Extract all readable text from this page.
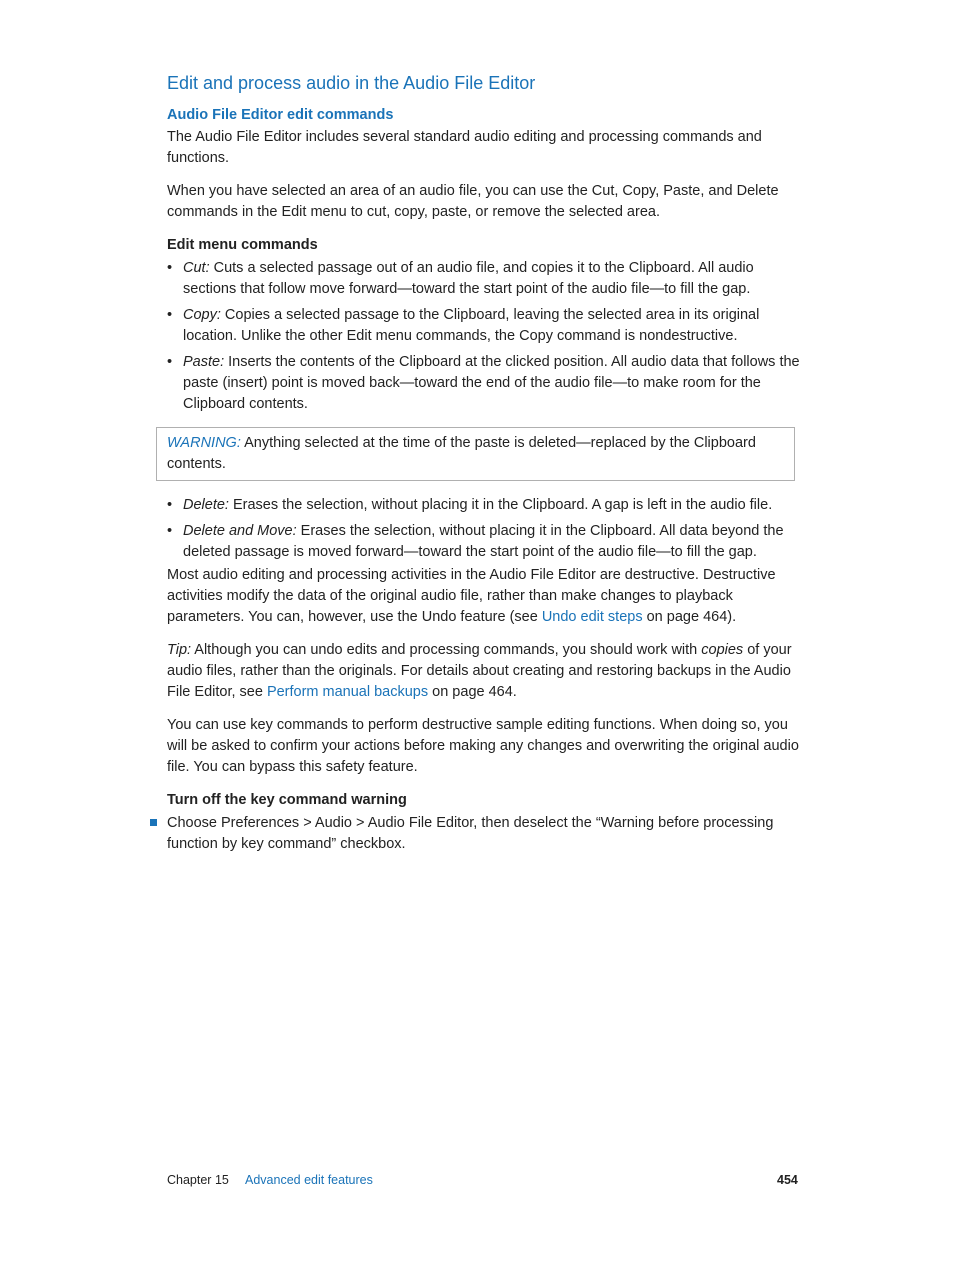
Edit and process audio in the Audio File Editor
Audio File Editor edit commands

The Audio File Editor includes several standard audio editing and processing commands and functions.

When you have selected an area of an audio file, you can use the Cut, Copy, Paste, and Delete commands in the Edit menu to cut, copy, paste, or remove the selected area.

Edit menu commands
• Cut: Cuts a selected passage out of an audio file, and copies it to the Clipboard. All audio sections that follow move forward—toward the start point of the audio file—to fill the gap.
• Copy: Copies a selected passage to the Clipboard, leaving the selected area in its original location. Unlike the other Edit menu commands, the Copy command is nondestructive.
• Paste: Inserts the contents of the Clipboard at the clicked position. All audio data that follows the paste (insert) point is moved back—toward the end of the audio file—to make room for the Clipboard contents.
WARNING: Anything selected at the time of the paste is deleted—replaced by the Clipboard contents.
• Delete: Erases the selection, without placing it in the Clipboard. A gap is left in the audio file.
• Delete and Move: Erases the selection, without placing it in the Clipboard. All data beyond the deleted passage is moved forward—toward the start point of the audio file—to fill the gap.
Most audio editing and processing activities in the Audio File Editor are destructive. Destructive activities modify the data of the original audio file, rather than make changes to playback parameters. You can, however, use the Undo feature (see Undo edit steps on page 464).
Tip: Although you can undo edits and processing commands, you should work with copies of your audio files, rather than the originals. For details about creating and restoring backups in the Audio File Editor, see Perform manual backups on page 464.

You can use key commands to perform destructive sample editing functions. When doing so, you will be asked to confirm your actions before making any changes and overwriting the original audio file. You can bypass this safety feature.

Turn off the key command warning
Choose Preferences > Audio > Audio File Editor, then deselect the “Warning before processing function by key command” checkbox.
Chapter 15 Advanced edit features	454
